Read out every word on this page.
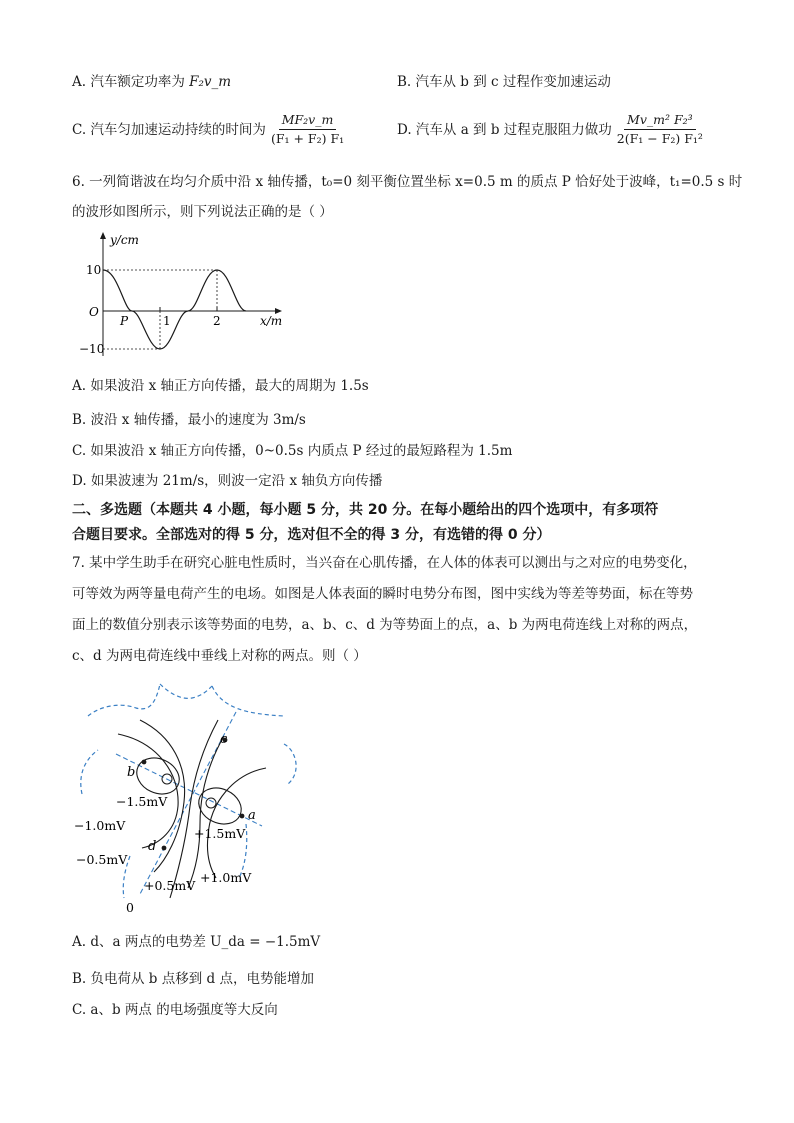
A. 汽车额定功率为 F₂v_m	B. 汽车从 b 到 c 过程作变加速运动
C. 汽车匀加速运动持续的时间为 $\frac{\text{MF₂v\_m}}{\text{(F₁ + F₂) F₁}}$	D. 汽车从 a 到 b 过程克服阻力做功 $\frac{\text{Mv\_m² F₂³}}{\text{2(F₁ − F₂) F₁²}}$
6. 一列简谐波在均匀介质中沿 x 轴传播，t₀=0 刻平衡位置坐标 x=0.5 m 的质点 P 恰好处于波峰，t₁=0.5 s 时
的波形如图所示，则下列说法正确的是（ ）
y/cm
x/m
O
10
−10
1	2
P
A. 如果波沿 x 轴正方向传播，最大的周期为 1.5s
B. 波沿 x 轴传播，最小的速度为 3m/s
C. 如果波沿 x 轴正方向传播，0~0.5s 内质点 P 经过的最短路程为 1.5m
D. 如果波速为 21m/s，则波一定沿 x 轴负方向传播
二、多选题（本题共 4 小题，每小题 5 分，共 20 分。在每小题给出的四个选项中，有多项符
合题目要求。全部选对的得 5 分，选对但不全的得 3 分，有选错的得 0 分）
7. 某中学生助手在研究心脏电性质时，当兴奋在心肌传播，在人体的体表可以测出与之对应的电势变化，
可等效为两等量电荷产生的电场。如图是人体表面的瞬时电势分布图，图中实线为等差等势面，标在等势
面上的数值分别表示该等势面的电势，a、b、c、d 为等势面上的点，a、b 为两电荷连线上对称的两点，
c、d 为两电荷连线中垂线上对称的两点。则（ ）
c
b
a
d
−1.5mV
−1.0mV
−0.5mV
+1.5mV
+1.0mV
+0.5mV
0
A. d、a 两点的电势差 U_da = −1.5mV
B. 负电荷从 b 点移到 d 点，电势能增加
C. a、b 两点 的电场强度等大反向
